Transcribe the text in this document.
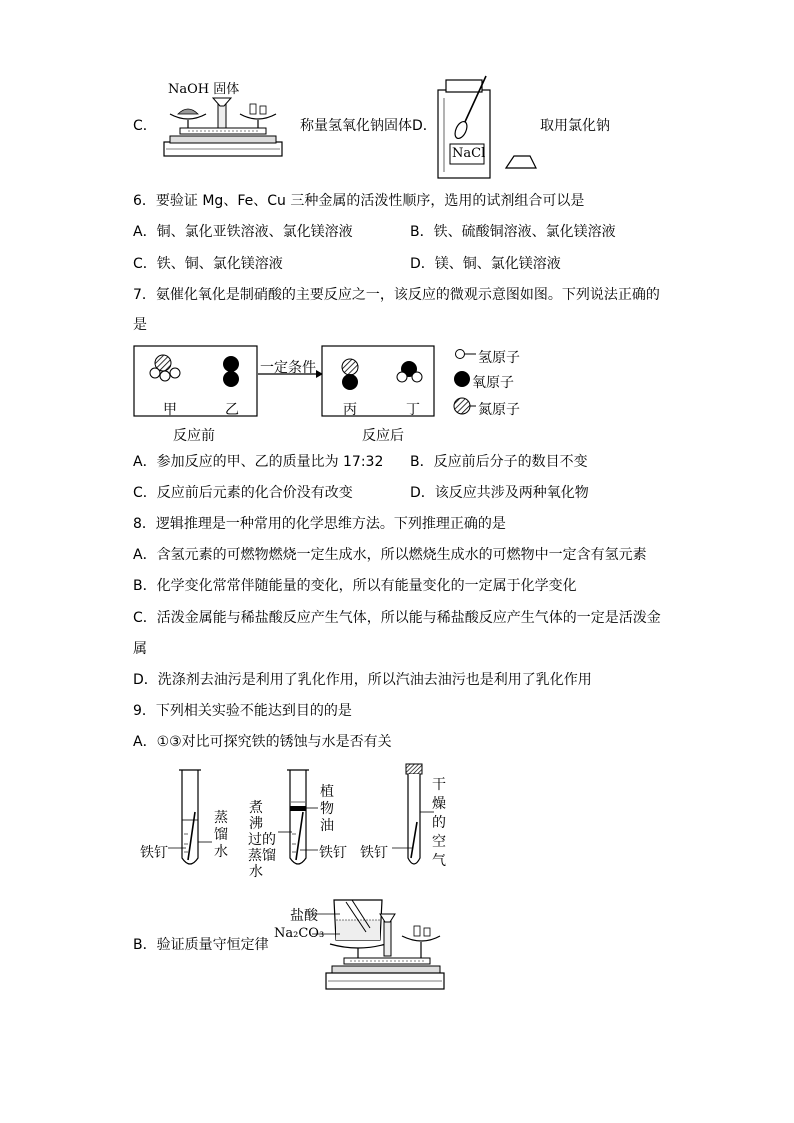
C．
NaOH 固体
称量氢氧化钠固体 D．
NaCl
取用氯化钠
6．要验证 Mg、Fe、Cu 三种金属的活泼性顺序，选用的试剂组合可以是
A．铜、氯化亚铁溶液、氯化镁溶液	B．铁、硫酸铜溶液、氯化镁溶液
C．铁、铜、氯化镁溶液	D．镁、铜、氯化镁溶液
7．氨催化氧化是制硝酸的主要反应之一，该反应的微观示意图如图。下列说法正确的
是
甲	乙
一定条件
丙	丁
反应前	反应后
氢原子
氧原子
氮原子
A．参加反应的甲、乙的质量比为 17:32 B．反应前后分子的数目不变
C．反应前后元素的化合价没有改变	D．该反应共涉及两种氧化物
8．逻辑推理是一种常用的化学思维方法。下列推理正确的是
A．含氢元素的可燃物燃烧一定生成水，所以燃烧生成水的可燃物中一定含有氢元素
B．化学变化常常伴随能量的变化，所以有能量变化的一定属于化学变化
C．活泼金属能与稀盐酸反应产生气体，所以能与稀盐酸反应产生气体的一定是活泼金
属
D．洗涤剂去油污是利用了乳化作用，所以汽油去油污也是利用了乳化作用
9．下列相关实验不能达到目的的是
A．①③对比可探究铁的锈蚀与水是否有关
铁钉
蒸
馏
水
煮
沸
过的
蒸馏
水
植
物
油
铁钉 铁钉
干
燥
的
空
气
B．验证质量守恒定律
盐酸
Na₂CO₃
